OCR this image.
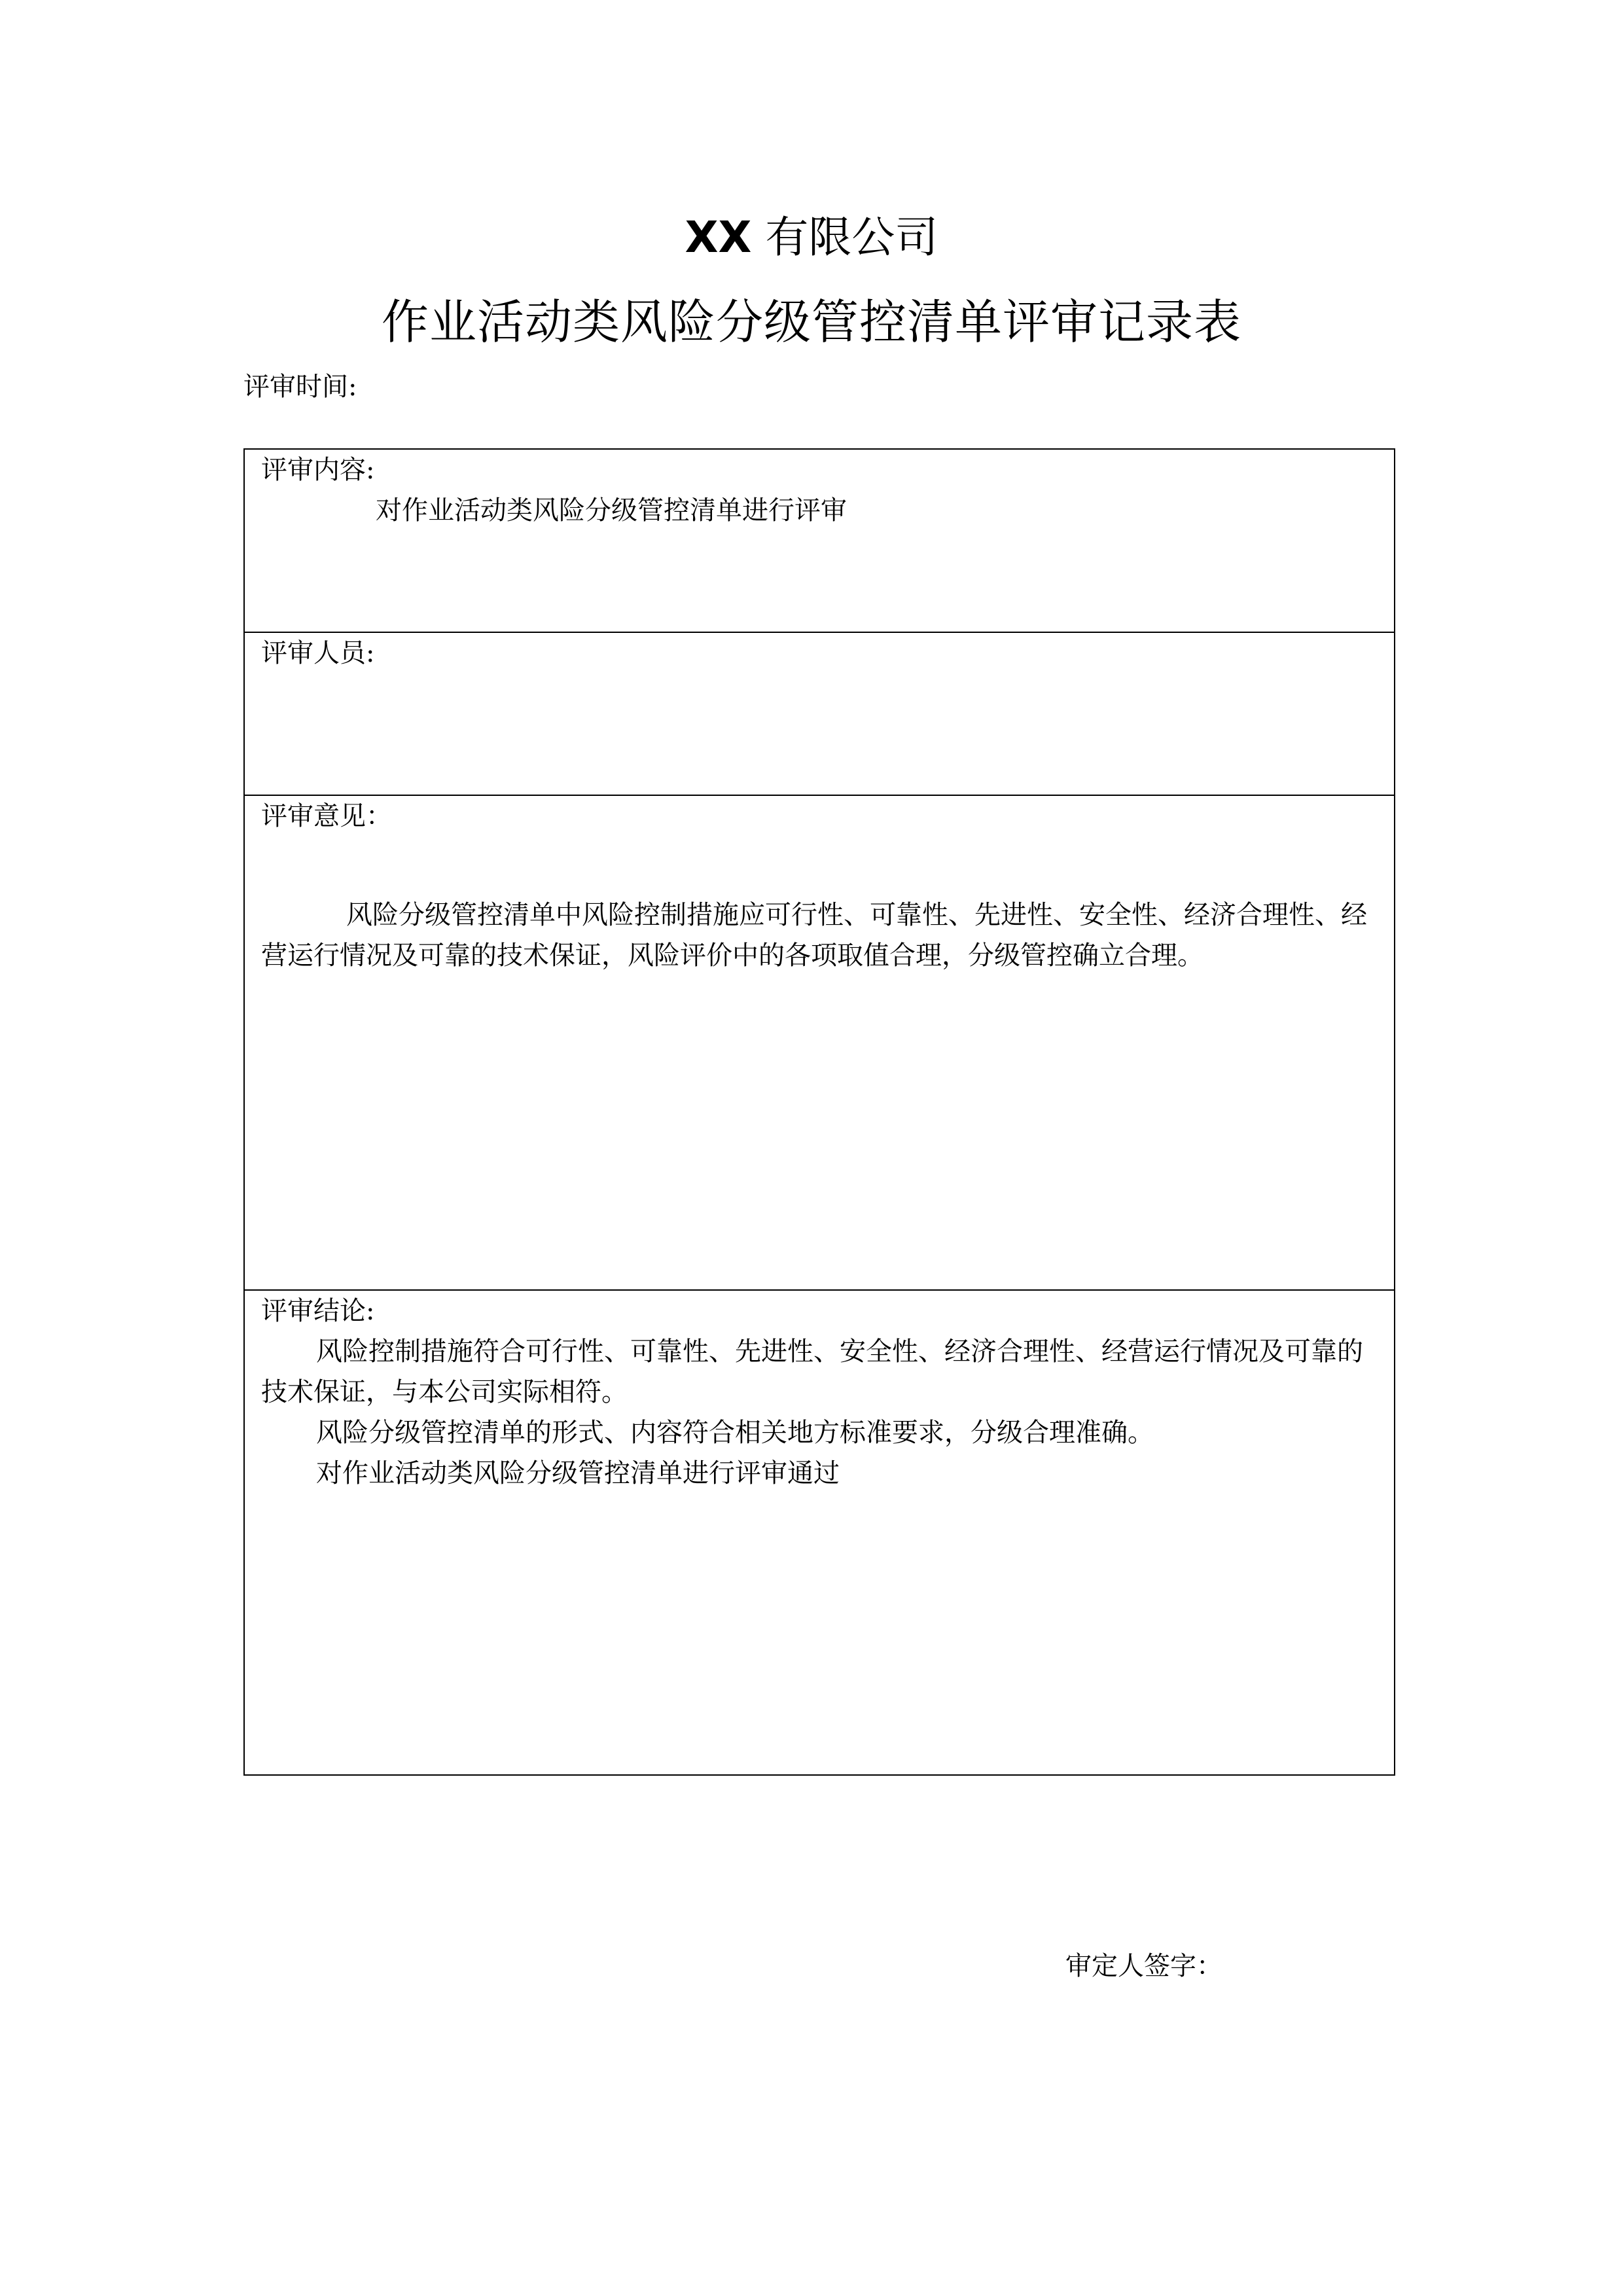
XX 有限公司
作业活动类风险分级管控清单评审记录表
评审时间:

评审内容:

对作业活动类风险分级管控清单进行评审

评审人员:

评审意见：

风险分级管控清单中风险控制措施应可行性、可靠性、先进性、安全性、经济合理性、经营运行情况及可靠的技术保证，风险评价中的各项取值合理，分级管控确立合理。

评审结论:

风险控制措施符合可行性、可靠性、先进性、安全性、经济合理性、经营运行情况及可靠的技术保证，与本公司实际相符。

风险分级管控清单的形式、内容符合相关地方标准要求，分级合理准确。

对作业活动类风险分级管控清单进行评审通过

审定人签字：
